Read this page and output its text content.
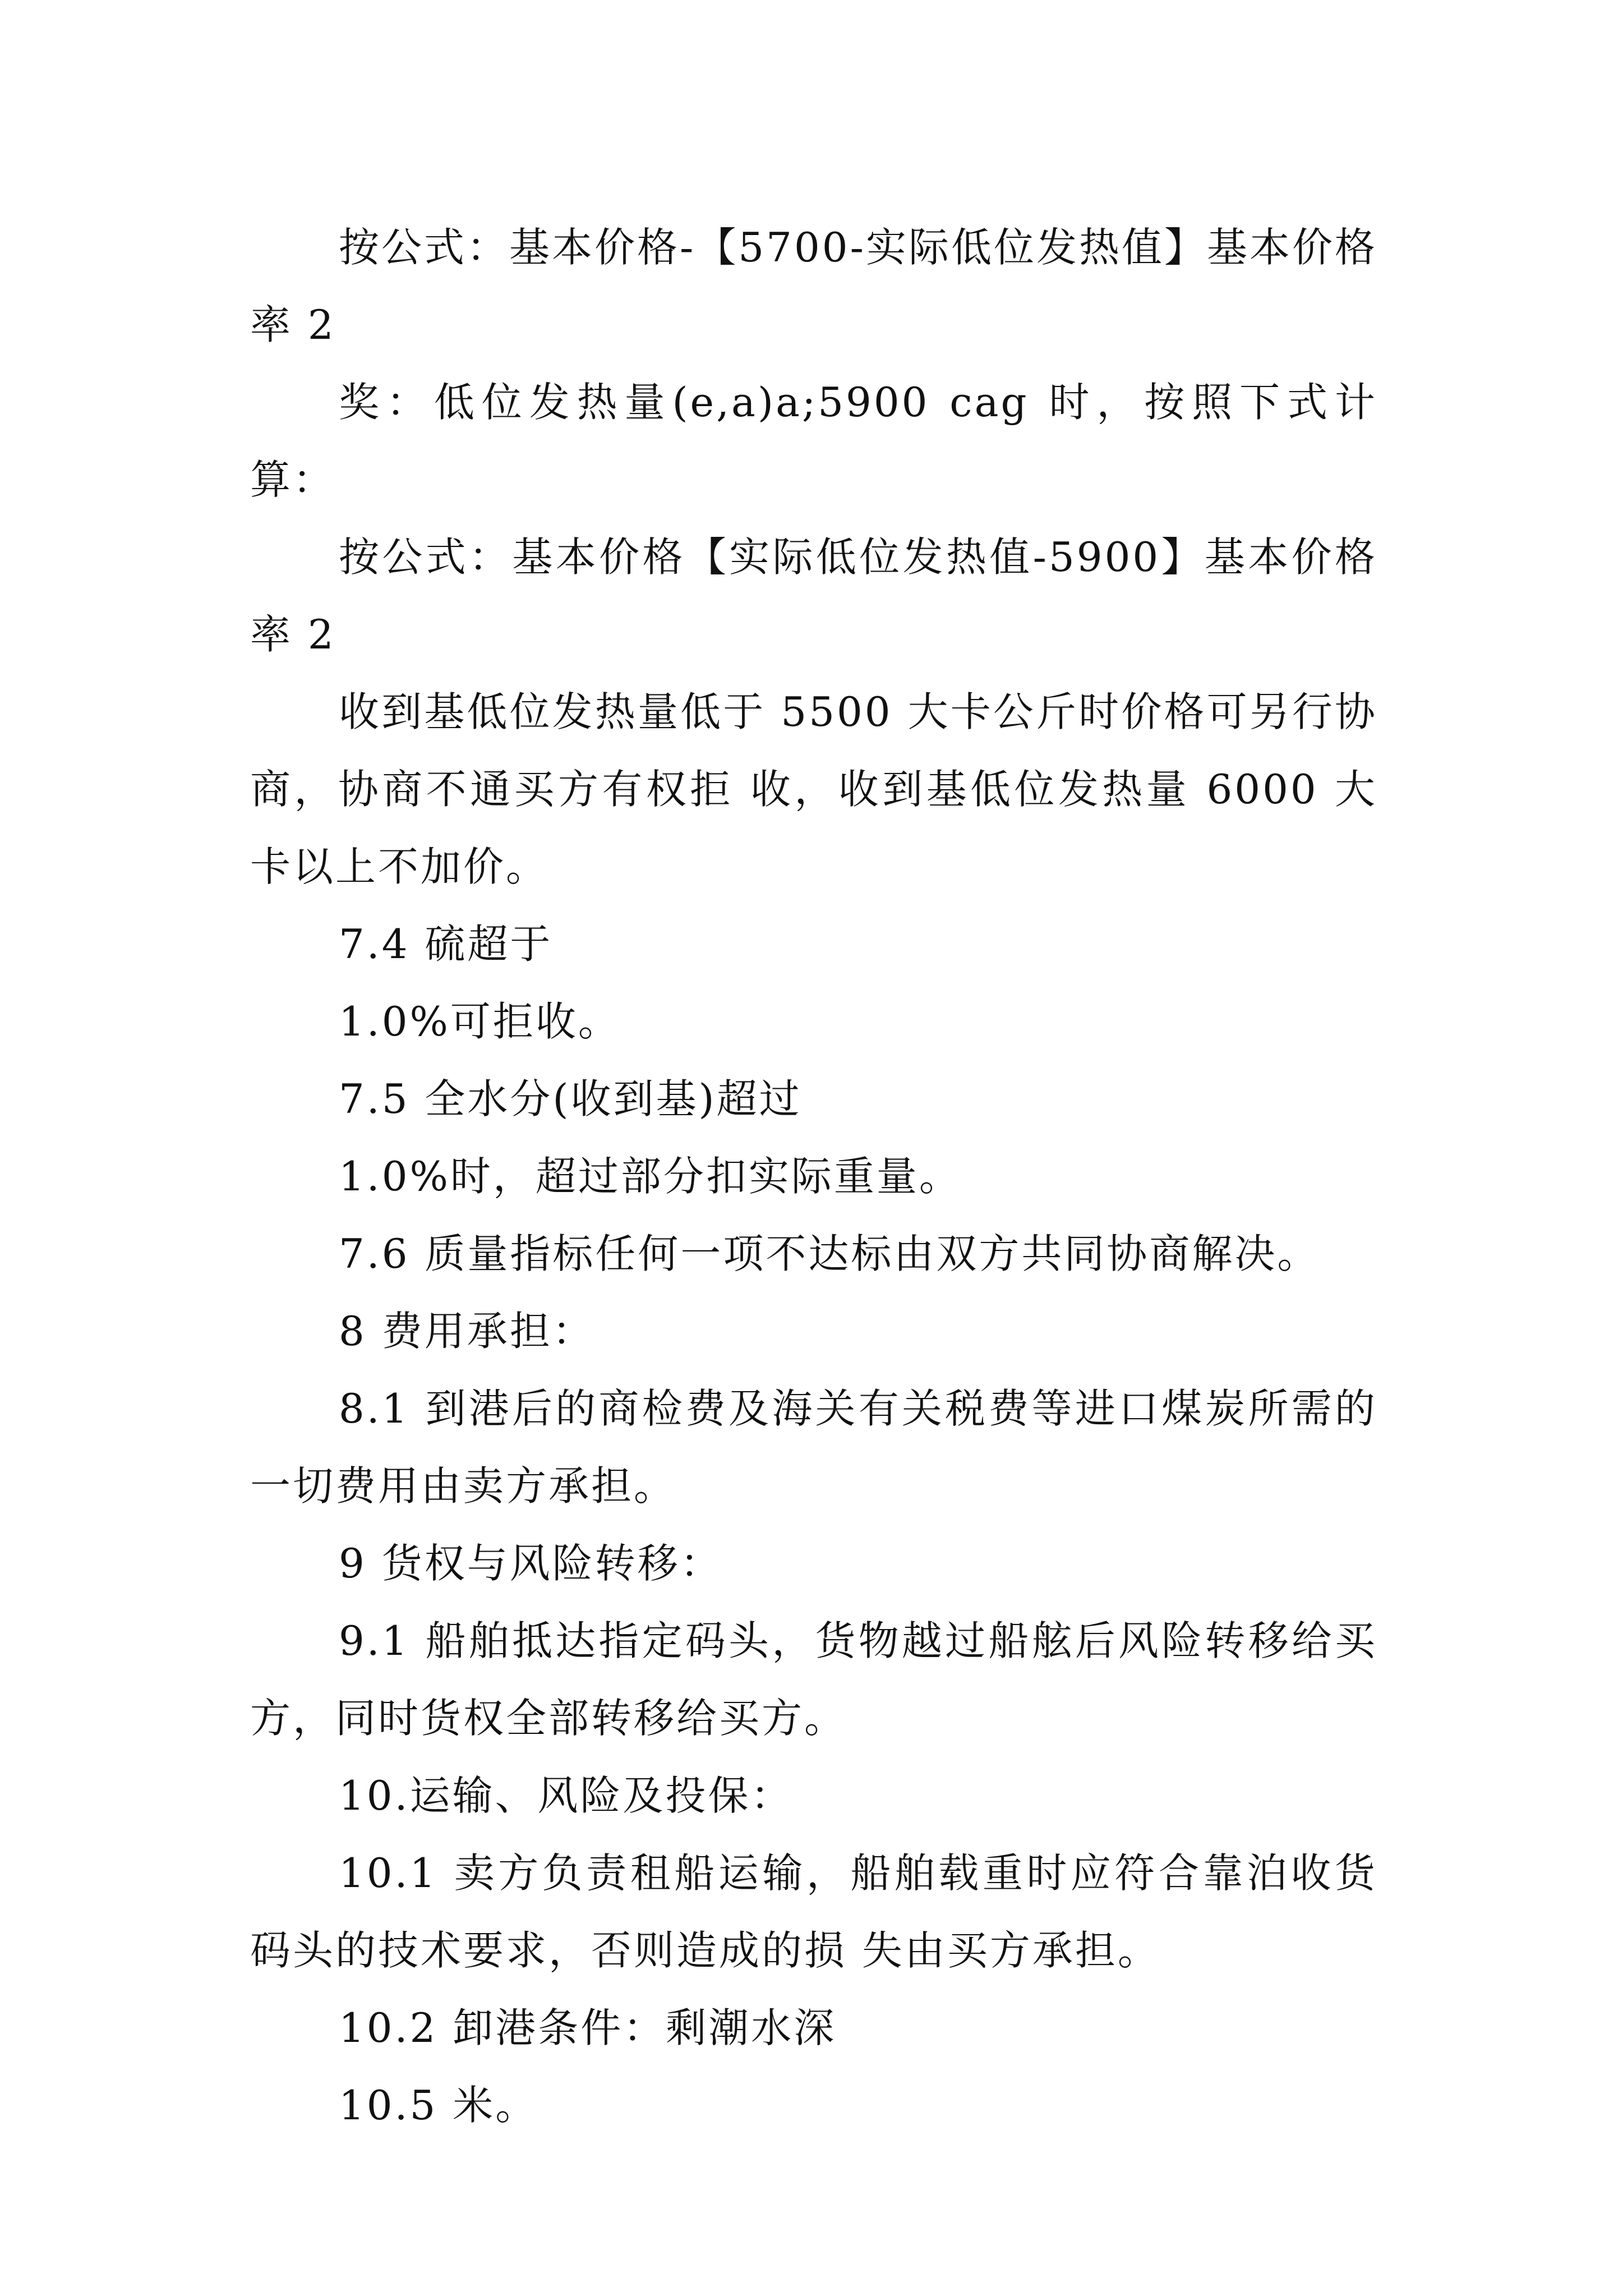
按公式：基本价格-【5700-实际低位发热值】基本价格率 2

奖：低位发热量(e,a)a;5900 cag 时，按照下式计算：

按公式：基本价格【实际低位发热值-5900】基本价格率 2

收到基低位发热量低于 5500 大卡公斤时价格可另行协商，协商不通买方有权拒 收，收到基低位发热量 6000 大卡以上不加价。

7.4 硫超于

1.0%可拒收。

7.5 全水分(收到基)超过

1.0%时，超过部分扣实际重量。

7.6 质量指标任何一项不达标由双方共同协商解决。

8 费用承担：

8.1 到港后的商检费及海关有关税费等进口煤炭所需的一切费用由卖方承担。

9 货权与风险转移：

9.1 船舶抵达指定码头，货物越过船舷后风险转移给买方，同时货权全部转移给买方。

10.运输、风险及投保：

10.1 卖方负责租船运输，船舶载重时应符合靠泊收货码头的技术要求，否则造成的损 失由买方承担。

10.2 卸港条件：剩潮水深

10.5 米。
